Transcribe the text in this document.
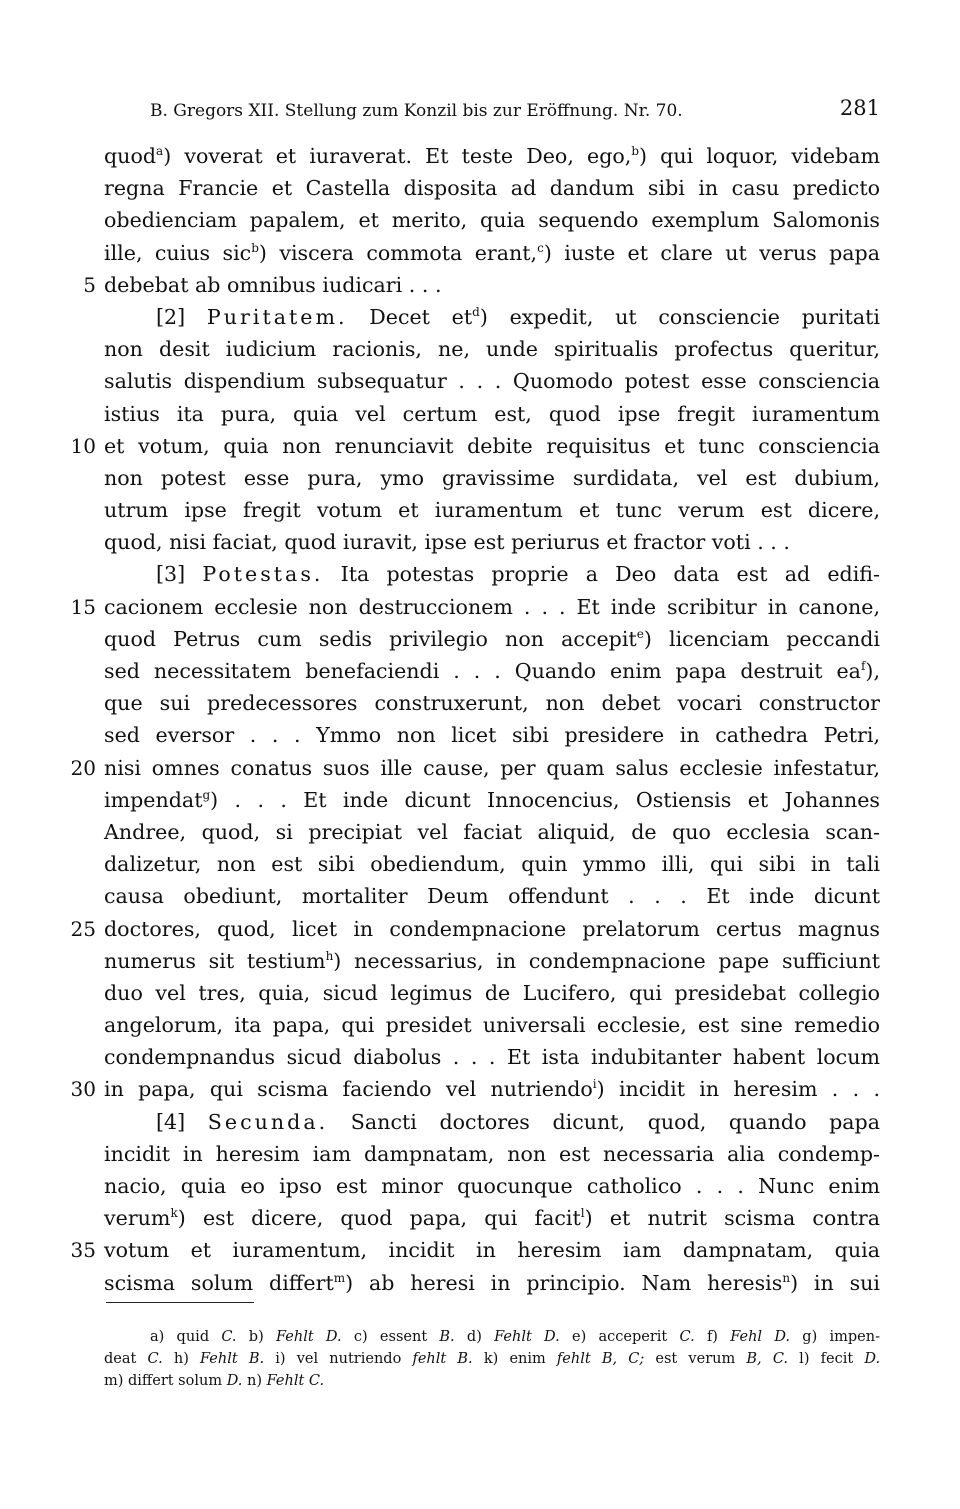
B. Gregors XII. Stellung zum Konzil bis zur Eröffnung. Nr. 70.	281
quod$^a$) voverat et iuraverat. Et teste Deo, ego,$^b$) qui loquor, videbam
regna Francie et Castella disposita ad dandum sibi in casu predicto
obedienciam papalem, et merito, quia sequendo exemplum Salomonis
ille, cuius sic$^b$) viscera commota erant,$^c$) iuste et clare ut verus papa
5 debebat ab omnibus iudicari . . .
[2] Puritatem. Decet $et^d$) expedit, ut consciencie puritati
non desit iudicium racionis, ne, unde spiritualis profectus queritur,
salutis dispendium subsequatur . . . Quomodo potest esse consciencia
istius ita pura, quia vel certum est, quod ipse fregit iuramentum
10 et votum, quia non renunciavit debite requisitus et tunc consciencia
non potest esse pura, ymo gravissime surdidata, vel est dubium,
utrum ipse fregit votum et iuramentum et tunc verum est dicere,
quod, nisi faciat, quod iuravit, ipse est periurus et fractor voti . . .
[3] Potestas. Ita potestas proprie a Deo data est ad edifi-
15 cacionem ecclesie non destruccionem . . . Et inde scribitur in canone,
quod Petrus cum sedis privilegio non accepit$^e$) licenciam peccandi
sed necessitatem benefaciendi . . . Quando enim papa destruit $ea^f$),
que sui predecessores construxerunt, non debet vocari constructor
sed eversor . . . Ymmo non licet sibi presidere in cathedra Petri,
20 nisi omnes conatus suos ille cause, per quam salus ecclesie infestatur,
impendat$^g$) . . . Et inde dicunt Innocencius, Ostiensis et Johannes
Andree, quod, si precipiat vel faciat aliquid, de quo ecclesia scan-
dalizetur, non est sibi obediendum, quin ymmo illi, qui sibi in tali
causa obediunt, mortaliter Deum offendunt . . . Et inde dicunt
25 doctores, quod, licet in condempnacione prelatorum certus magnus
numerus sit testium$^h$) necessarius, in condempnacione pape sufficiunt
duo vel tres, quia, sicud legimus de Lucifero, qui presidebat collegio
angelorum, ita papa, qui presidet universali ecclesie, est sine remedio
condempnandus sicud diabolus . . . Et ista indubitanter habent locum
30 in papa, qui scisma faciendo vel nutriendo$^i$) incidit in heresim . . .
[4] Secunda. Sancti doctores dicunt, quod, quando papa
incidit in heresim iam dampnatam, non est necessaria alia condemp-
nacio, quia eo ipso est minor quocunque catholico . . . Nunc enim
verum$^k$) est dicere, quod papa, qui facit$^l$) et nutrit scisma contra
35 votum et iuramentum, incidit in heresim iam dampnatam, quia
scisma solum differt$^m$) ab heresi in principio. Nam heresis$^n$) in sui
a) quid C. b) Fehlt D. c) essent B. d) Fehlt D. e) acceperit C. f) Fehl D. g) impen-
deat C. h) Fehlt B. i) vel nutriendo fehlt B. k) enim fehlt B, C; est verum B, C. l) fecit D.
m) differt solum D. n) Fehlt C.
